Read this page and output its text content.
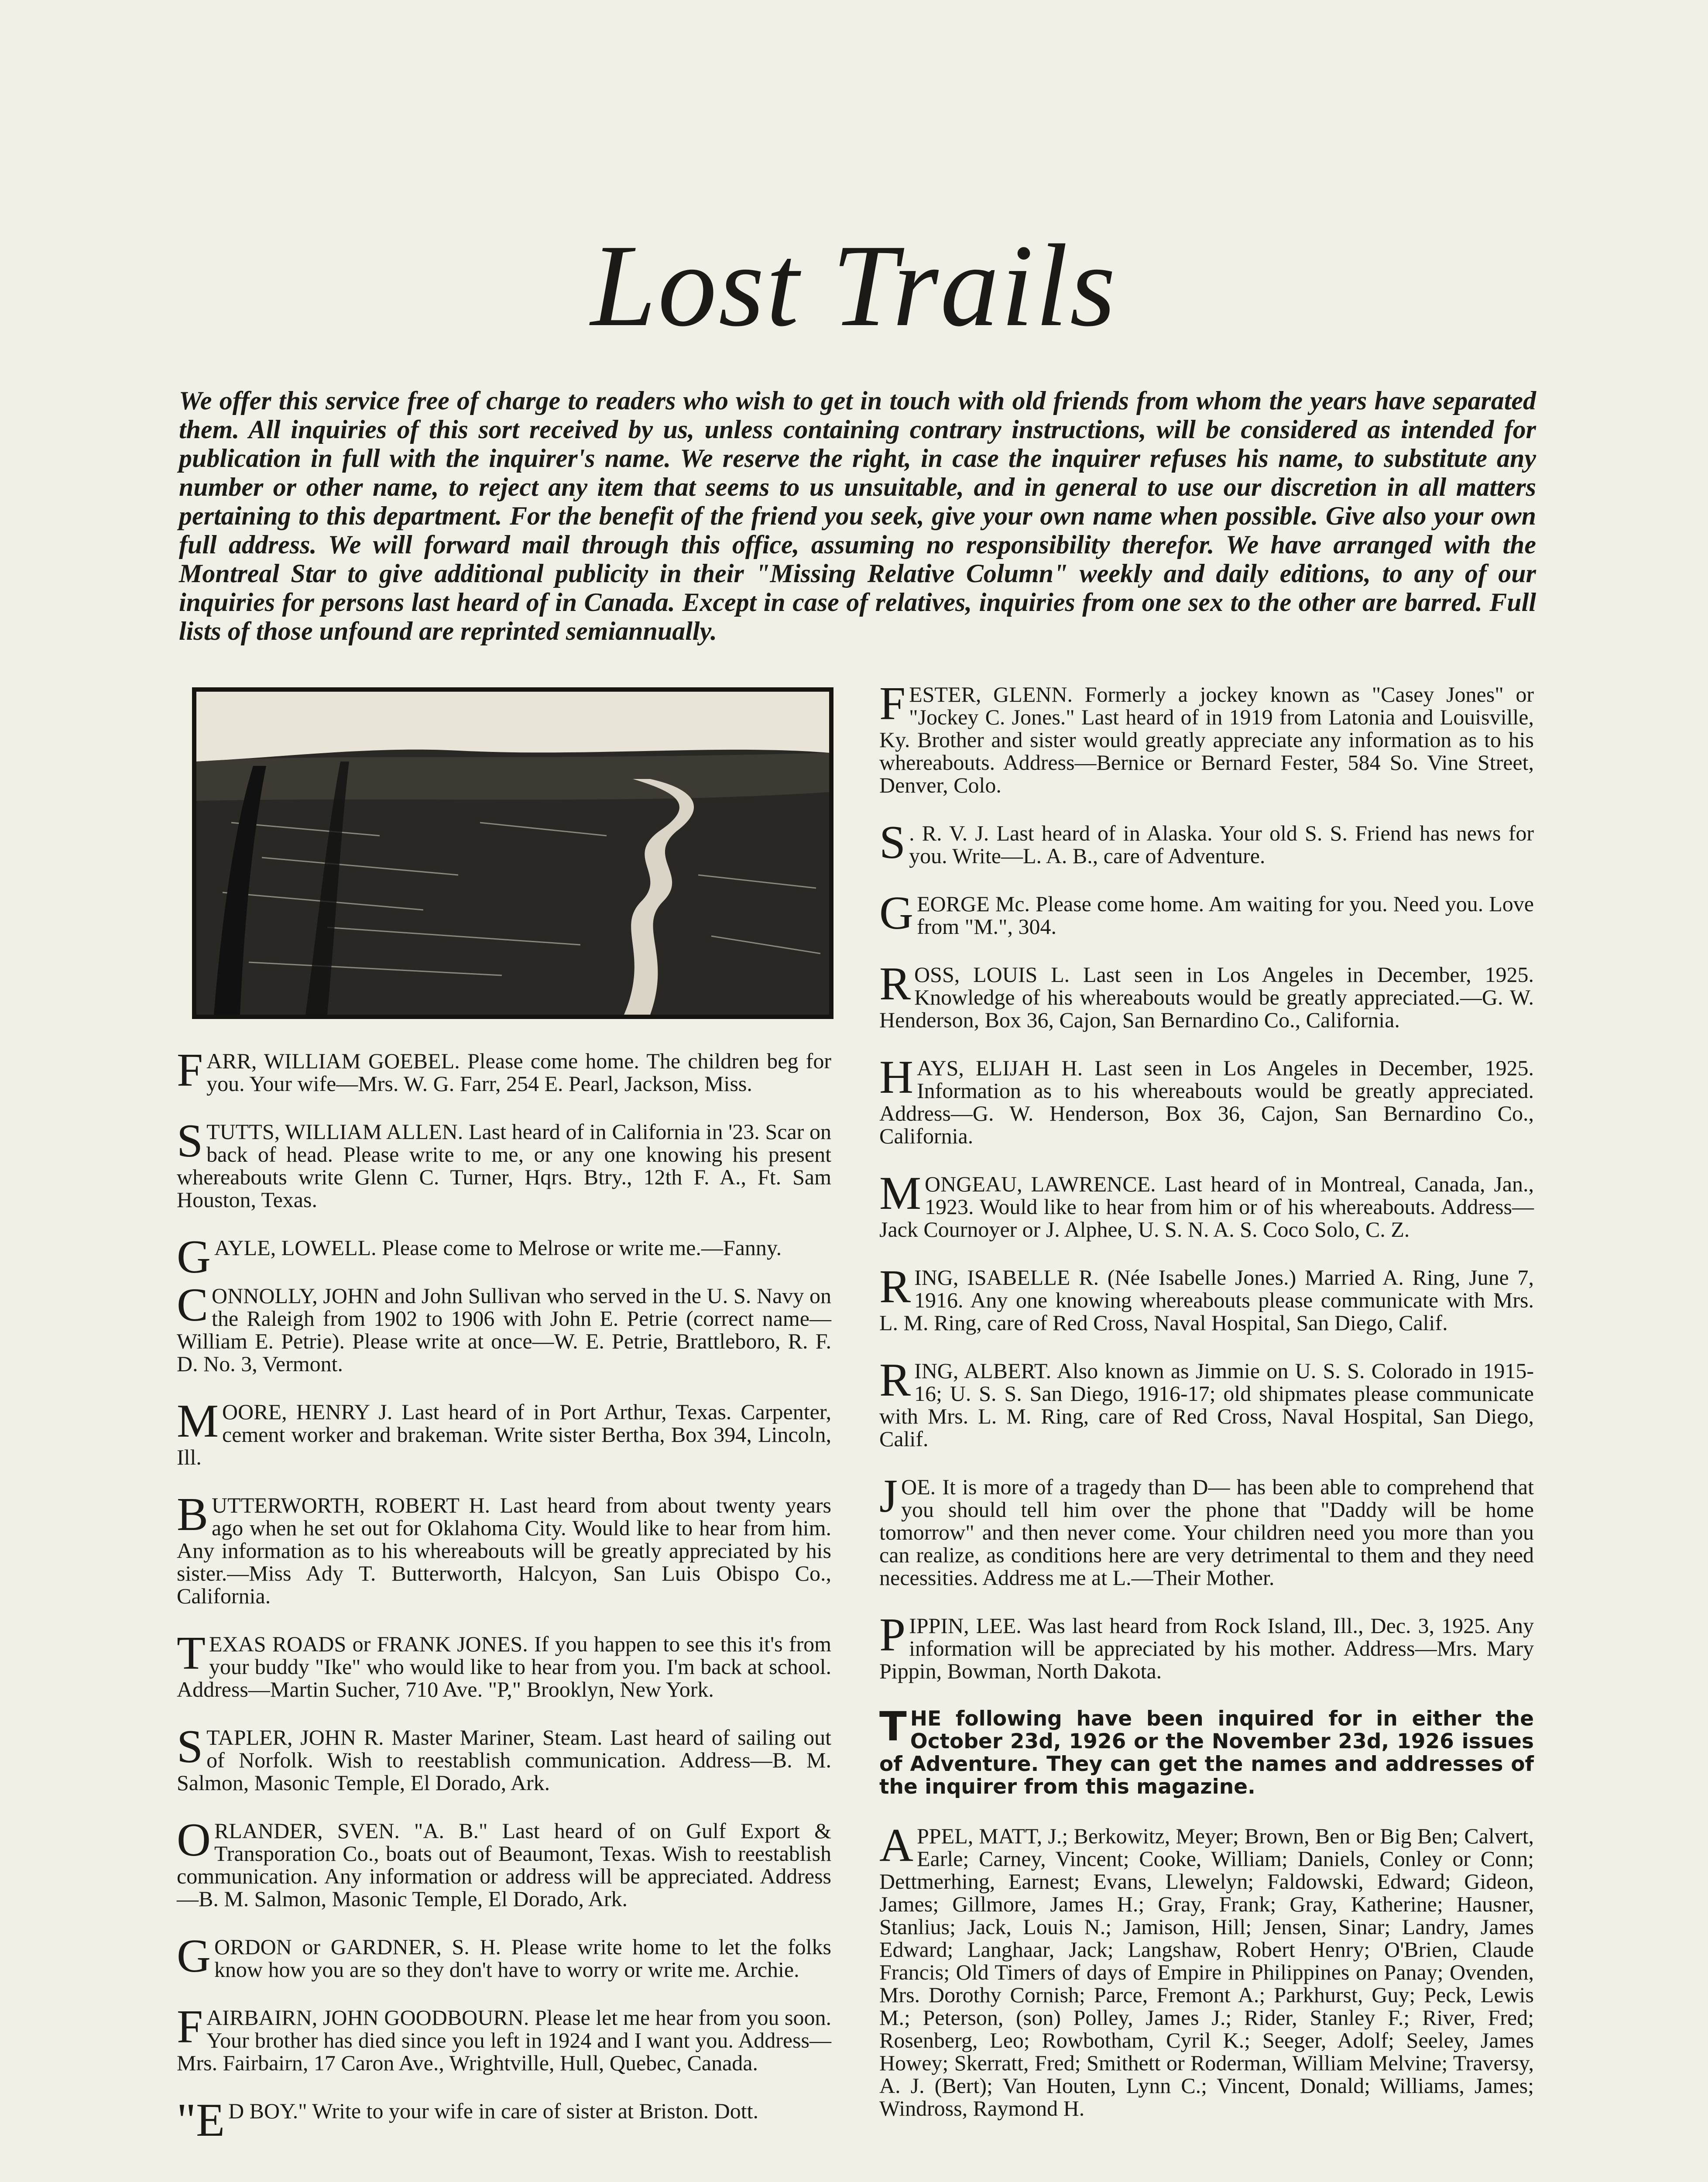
Lost Trails

We offer this service free of charge to readers who wish to get in touch with old friends from whom the years have separated them. All inquiries of this sort received by us, unless containing contrary instructions, will be considered as intended for publication in full with the inquirer's name. We reserve the right, in case the inquirer refuses his name, to substitute any number or other name, to reject any item that seems to us unsuitable, and in general to use our discretion in all matters pertaining to this department. For the benefit of the friend you seek, give your own name when possible. Give also your own full address. We will forward mail through this office, assuming no responsibility therefor. We have arranged with the Montreal Star to give additional publicity in their "Missing Relative Column" weekly and daily editions, to any of our inquiries for persons last heard of in Canada. Except in case of relatives, inquiries from one sex to the other are barred. Full lists of those unfound are reprinted semiannually.

FARR, WILLIAM GOEBEL. Please come home. The children beg for you. Your wife—Mrs. W. G. Farr, 254 E. Pearl, Jackson, Miss.

STUTTS, WILLIAM ALLEN. Last heard of in California in '23. Scar on back of head. Please write to me, or any one knowing his present whereabouts write Glenn C. Turner, Hqrs. Btry., 12th F. A., Ft. Sam Houston, Texas.

GAYLE, LOWELL. Please come to Melrose or write me.—Fanny.

CONNOLLY, JOHN and John Sullivan who served in the U. S. Navy on the Raleigh from 1902 to 1906 with John E. Petrie (correct name—William E. Petrie). Please write at once—W. E. Petrie, Brattleboro, R. F. D. No. 3, Vermont.

MOORE, HENRY J. Last heard of in Port Arthur, Texas. Carpenter, cement worker and brakeman. Write sister Bertha, Box 394, Lincoln, Ill.

BUTTERWORTH, ROBERT H. Last heard from about twenty years ago when he set out for Oklahoma City. Would like to hear from him. Any information as to his whereabouts will be greatly appreciated by his sister.—Miss Ady T. Butterworth, Halcyon, San Luis Obispo Co., California.

TEXAS ROADS or FRANK JONES. If you happen to see this it's from your buddy "Ike" who would like to hear from you. I'm back at school. Address—Martin Sucher, 710 Ave. "P," Brooklyn, New York.

STAPLER, JOHN R. Master Mariner, Steam. Last heard of sailing out of Norfolk. Wish to reestablish communication. Address—B. M. Salmon, Masonic Temple, El Dorado, Ark.

ORLANDER, SVEN. "A. B." Last heard of on Gulf Export & Transporation Co., boats out of Beaumont, Texas. Wish to reestablish communication. Any information or address will be appreciated. Address—B. M. Salmon, Masonic Temple, El Dorado, Ark.

GORDON or GARDNER, S. H. Please write home to let the folks know how you are so they don't have to worry or write me. Archie.

FAIRBAIRN, JOHN GOODBOURN. Please let me hear from you soon. Your brother has died since you left in 1924 and I want you. Address—Mrs. Fairbairn, 17 Caron Ave., Wrightville, Hull, Quebec, Canada.

"E D BOY." Write to your wife in care of sister at Briston. Dott.

FESTER, GLENN. Formerly a jockey known as "Casey Jones" or "Jockey C. Jones." Last heard of in 1919 from Latonia and Louisville, Ky. Brother and sister would greatly appreciate any information as to his whereabouts. Address—Bernice or Bernard Fester, 584 So. Vine Street, Denver, Colo.

S . R. V. J. Last heard of in Alaska. Your old S. S. Friend has news for you. Write—L. A. B., care of Adventure.

GEORGE Mc. Please come home. Am waiting for you. Need you. Love from "M.", 304.

ROSS, LOUIS L. Last seen in Los Angeles in December, 1925. Knowledge of his whereabouts would be greatly appreciated.—G. W. Henderson, Box 36, Cajon, San Bernardino Co., California.

HAYS, ELIJAH H. Last seen in Los Angeles in December, 1925. Information as to his whereabouts would be greatly appreciated. Address—G. W. Henderson, Box 36, Cajon, San Bernardino Co., California.

MONGEAU, LAWRENCE. Last heard of in Montreal, Canada, Jan., 1923. Would like to hear from him or of his whereabouts. Address—Jack Cournoyer or J. Alphee, U. S. N. A. S. Coco Solo, C. Z.

RING, ISABELLE R. (Née Isabelle Jones.) Married A. Ring, June 7, 1916. Any one knowing whereabouts please communicate with Mrs. L. M. Ring, care of Red Cross, Naval Hospital, San Diego, Calif.

RING, ALBERT. Also known as Jimmie on U. S. S. Colorado in 1915-16; U. S. S. San Diego, 1916-17; old shipmates please communicate with Mrs. L. M. Ring, care of Red Cross, Naval Hospital, San Diego, Calif.

JOE. It is more of a tragedy than D— has been able to comprehend that you should tell him over the phone that "Daddy will be home tomorrow" and then never come. Your children need you more than you can realize, as conditions here are very detrimental to them and they need necessities. Address me at L.—Their Mother.

PIPPIN, LEE. Was last heard from Rock Island, Ill., Dec. 3, 1925. Any information will be appreciated by his mother. Address—Mrs. Mary Pippin, Bowman, North Dakota.

THE following have been inquired for in either the October 23d, 1926 or the November 23d, 1926 issues of Adventure. They can get the names and addresses of the inquirer from this magazine.

APPEL, MATT, J.; Berkowitz, Meyer; Brown, Ben or Big Ben; Calvert, Earle; Carney, Vincent; Cooke, William; Daniels, Conley or Conn; Dettmerhing, Earnest; Evans, Llewelyn; Faldowski, Edward; Gideon, James; Gillmore, James H.; Gray, Frank; Gray, Katherine; Hausner, Stanlius; Jack, Louis N.; Jamison, Hill; Jensen, Sinar; Landry, James Edward; Langhaar, Jack; Langshaw, Robert Henry; O'Brien, Claude Francis; Old Timers of days of Empire in Philippines on Panay; Ovenden, Mrs. Dorothy Cornish; Parce, Fremont A.; Parkhurst, Guy; Peck, Lewis M.; Peterson, (son) Polley, James J.; Rider, Stanley F.; River, Fred; Rosenberg, Leo; Rowbotham, Cyril K.; Seeger, Adolf; Seeley, James Howey; Skerratt, Fred; Smithett or Roderman, William Melvine; Traversy, A. J. (Bert); Van Houten, Lynn C.; Vincent, Donald; Williams, James; Windross, Raymond H.
